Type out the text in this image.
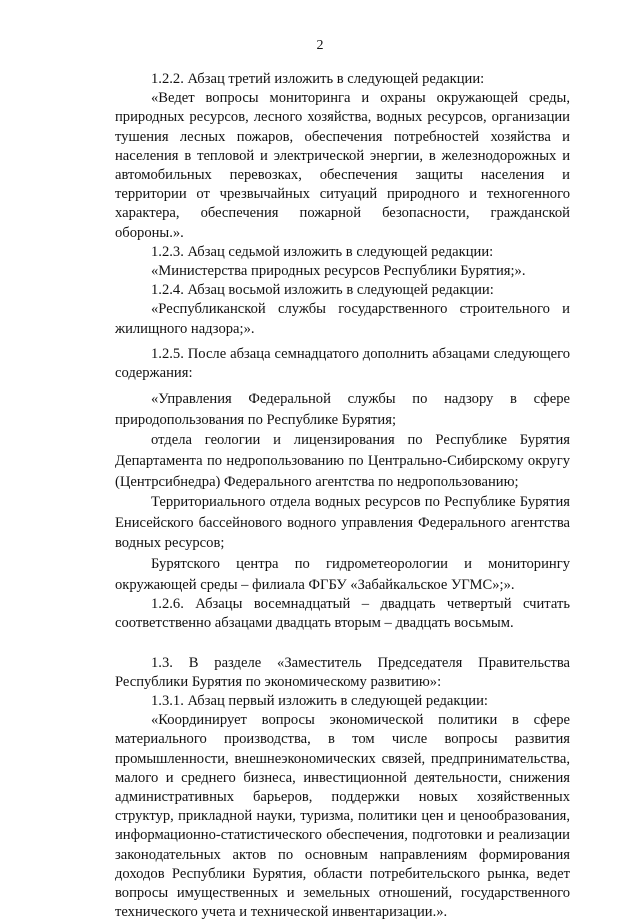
2

1.2.2. Абзац третий изложить в следующей редакции:

«Ведет вопросы мониторинга и охраны окружающей среды, природных ресурсов, лесного хозяйства, водных ресурсов, организации тушения лесных пожаров, обеспечения потребностей хозяйства и населения в тепловой и электрической энергии, в железнодорожных и автомобильных перевозках, обеспечения защиты населения и территории от чрезвычайных ситуаций природного и техногенного характера, обеспечения пожарной безопасности, гражданской обороны.».

1.2.3. Абзац седьмой изложить в следующей редакции:

«Министерства природных ресурсов Республики Бурятия;».

1.2.4. Абзац восьмой изложить в следующей редакции:

«Республиканской службы государственного строительного и жилищного надзора;».

1.2.5. После абзаца семнадцатого дополнить абзацами следующего содержания:

«Управления Федеральной службы по надзору в сфере природопользования по Республике Бурятия;

отдела геологии и лицензирования по Республике Бурятия Департамента по недропользованию по Центрально-Сибирскому округу (Центрсибнедра) Федерального агентства по недропользованию;

Территориального отдела водных ресурсов по Республике Бурятия Енисейского бассейнового водного управления Федерального агентства водных ресурсов;

Бурятского центра по гидрометеорологии и мониторингу окружающей среды – филиала ФГБУ «Забайкальское УГМС»;».

1.2.6. Абзацы восемнадцатый – двадцать четвертый считать соответственно абзацами двадцать вторым – двадцать восьмым.

1.3. В разделе «Заместитель Председателя Правительства Республики Бурятия по экономическому развитию»:

1.3.1. Абзац первый изложить в следующей редакции:

«Координирует вопросы экономической политики в сфере материального производства, в том числе вопросы развития промышленности, внешнеэкономических связей, предпринимательства, малого и среднего бизнеса, инвестиционной деятельности, снижения административных барьеров, поддержки новых хозяйственных структур, прикладной науки, туризма, политики цен и ценообразования, информационно-статистического обеспечения, подготовки и реализации законодательных актов по основным направлениям формирования доходов Республики Бурятия, области потребительского рынка, ведет вопросы имущественных и земельных отношений, государственного технического учета и технической инвентаризации.».
